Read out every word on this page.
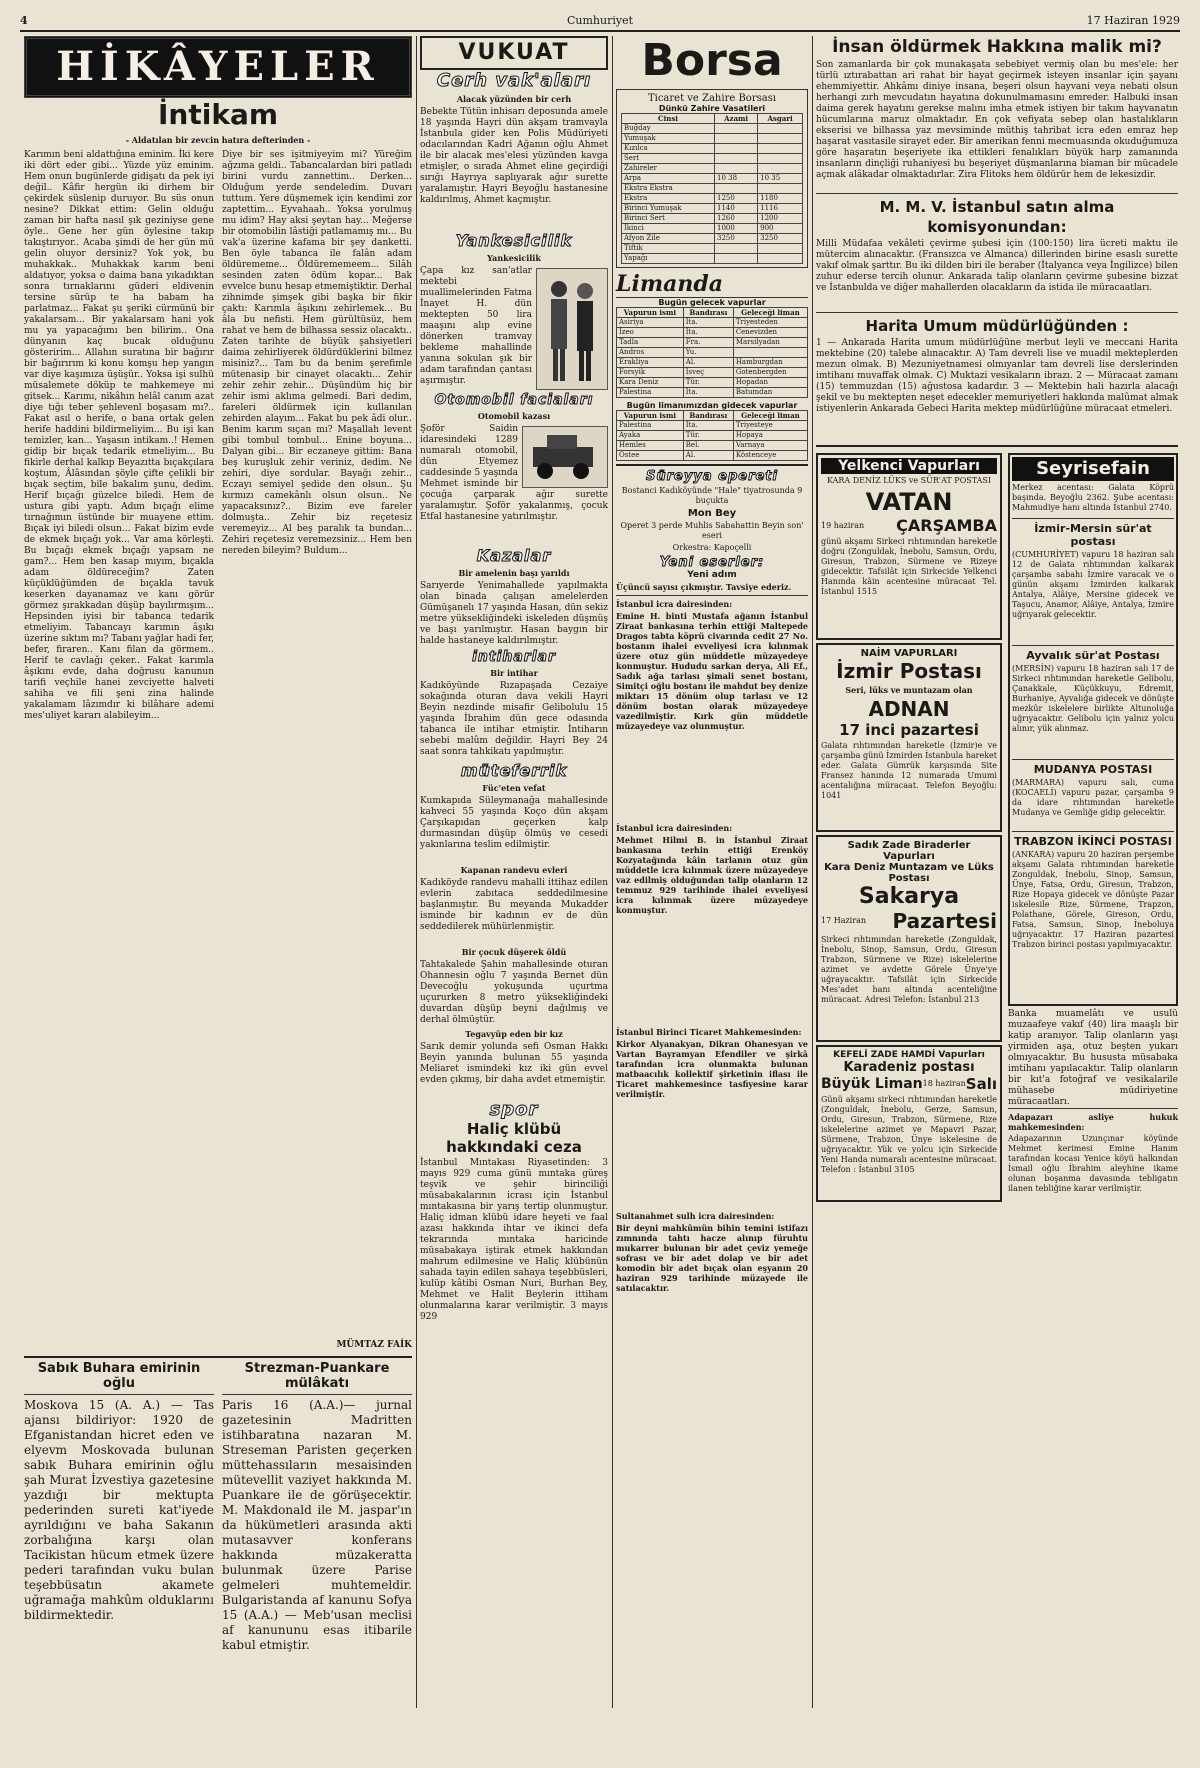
4	Cumhuriyet	17 Haziran 1929
HİKÂYELER
İntikam
- Aldatılan bir zevcin hatıra defterinden -
Karımın beni aldattığına eminim. İki kere iki dört eder gibi... Yüzde yüz eminim. Hem onun bugünlerde gidişatı da pek iyi değil.. Kâfir hergün iki dirhem bir çekirdek süslenip duruyor. Bu süs onun nesine? Dikkat ettim: Gelin olduğu zaman bir hafta nasıl şık geziniyse gene öyle.. Gene her gün öylesine takıp takıştırıyor.. Acaba şimdi de her gün mü gelin oluyor dersiniz? Yok yok, bu muhakkak.. Muhakkak karım beni aldatıyor, yoksa o daima bana yıkadıktan sonra tırnaklarını güderi eldivenin tersine sürüp te ha babam ha parlatmaz... Fakat şu şeriki cürmünü bir yakalarsam... Bir yakalarsam hani yok mu ya yapacağımı ben bilirim.. Ona dünyanın kaç bucak olduğunu gösteririm... Allahın suratına bir bağırır bir bağırırım ki konu komşu hep yangın var diye kaşımıza üşüşür.. Yoksa işi sulhü müsalemete döküp te mahkemeye mi gitsek... Karımı, nikâhın helâl canım azat diye tığı teber şehlevenl boşasam mı?.. Fakat asıl o herife, o bana ortak gelen herife haddini bildirmeliyim... Bu işi kan temizler, kan... Yaşasın intikam..! Hemen gidip bir bıçak tedarik etmeliyim... Bu fikirle derhal kalkıp Beyazıtta bıçakçılara koştum, Âlâsından şöyle çifte çelikli bir bıçak seçtim, bile bakalım şunu, dedim. Herif bıçağı güzelce biledi. Hem de ustura gibi yaptı. Adım bıçağı elime tırnağımın üstünde bir muayene ettim. Bıçak iyi biledi olsun... Fakat bizim evde de ekmek bıçağı yok... Var ama körleşti. Bu bıçağı ekmek bıçağı yapsam ne gam?... Hem ben kasap mıyım, bıçakla adam öldüreceğim? Zaten küçüklüğümden de bıçakla tavuk keserken dayanamaz ve kanı görür görmez şırakkadan düşüp bayılırmışım... Hepsinden iyisi bir tabanca tedarik etmeliyim. Tabancayı karımın âşıkı üzerine sıktım mı? Tabanı yağlar hadi fer, befer, firaren.. Kanı filan da görmem.. Herif te cavlağı çeker.. Fakat karımla âşıkını evde, daha doğrusu kanunun tarifi veçhile hanei zevciyette halveti sahiha ve fili şeni zina halinde yakalamam lâzımdır ki bilâhare ademi mes'uliyet kararı alabileyim...
Diye bir ses işitmiyeyim mi? Yüreğim ağzıma geldi.. Tabancalardan biri patladı birini vurdu zannettim.. Derken... Olduğum yerde sendeledim. Duvarı tuttum. Yere düşmemek için kendimi zor zaptettim... Eyvahaah.. Yoksa yorulmuş mu idim? Hay aksi şeytan hay... Meğerse bir otomobilin lâstiği patlamamış mı... Bu vak'a üzerine kafama bir şey danketti. Ben öyle tabanca ile falân adam öldürememe... Öldürememeem... Silâh sesinden zaten ödüm kopar... Bak evvelce bunu hesap etmemiştiktir. Derhal zihnimde şimşek gibi başka bir fikir çaktı: Karımla âşıkını zehirlemek... Bu âla bu nefisti. Hem gürültüsüz, hem rahat ve hem de bilhassa sessiz olacaktı.. Zaten tarihte de büyük şahsiyetleri daima zehirliyerek öldürdüklerini bilmez misiniz?... Tam bu da benim şerefimle mütenasip bir cinayet olacaktı... Zehir zehir zehir zehir... Düşündüm hiç bir zehir ismi aklıma gelmedi. Bari dedim, fareleri öldürmek için kullanılan zehirden alayım... Fakat bu pek âdi olur.. Benim karım sıçan mı? Maşallah levent gibi tombul tombul... Enine boyuna... Dalyan gibi... Bir eczaneye gittim: Bana beş kuruşluk zehir veriniz, dedim. Ne zehiri, diye sordular. Bayağı zehir... Eczayı semiyel şedide den olsun.. Şu kırmızı camekânlı olsun olsun.. Ne yapacaksınız?.. Bizim eve fareler dolmuşta.. Zehir biz reçetesiz veremeyiz... Al beş paralık ta bundan... Zehiri reçetesiz veremezsiniz... Hem ben nereden bileyim? Buldum...
MÜMTAZ FAİK
Sabık Buhara emirinin oğlu
Moskova 15 (A. A.) — Tas ajansı bildiriyor: 1920 de Efganistandan hicret eden ve elyevm Moskovada bulunan sabık Buhara emirinin oğlu şah Murat İzvestiya gazetesine yazdığı bir mektupta pederinden sureti kat'iyede ayrıldığını ve baha Sakanın zorbalığına karşı olan Tacikistan hücum etmek üzere pederi tarafından vuku bulan teşebbüsatın akamete uğramağa mahkûm olduklarını bildirmektedir.
Strezman-Puankare mülâkatı
Paris 16 (A.A.)— jurnal gazetesinin Madritten istihbaratına nazaran M. Streseman Paristen geçerken müttehassıların mesaisinden mütevellit vaziyet hakkında M. Puankare ile de görüşecektir. M. Makdonald ile M. jaspar'ın da hükümetleri arasında akti mutasavver konferans hakkında müzakeratta bulunmak üzere Parise gelmeleri muhtemeldir. Bulgaristanda af kanunu Sofya 15 (A.A.) — Meb'usan meclisi af kanununu esas itibarile kabul etmiştir.
VUKUAT
Cerh vak'aları
Alacak yüzünden bir cerh
Bebekte Tütün inhisarı deposunda amele 18 yaşında Hayri dün akşam tramvayla İstanbula gider ken Polis Müdüriyeti odacılarından Kadri Ağanın oğlu Ahmet ile bir alacak mes'elesi yüzünden kavga etmişler, o sırada Ahmet eline geçirdiği sırığı Hayrıya saplıyarak ağır surette yaralamıştır. Hayri Beyoğlu hastanesine kaldırılmış, Ahmet kaçmıştır.
Yankesicilik
Yankesicilik
Çapa kız san'atlar mektebi muallimelerinden Fatma İnayet H. dün mektepten 50 lira maaşını alıp evine dönerken tramvay bekleme mahallinde yanına sokulan şık bir adam tarafından çantası aşırmıştır.
Otomobil faciaları
Otomobil kazası
Şoför Saidin idaresindeki 1289 numaralı otomobil, dün Etyemez caddesinde 5 yaşında Mehmet isminde bir çocuğa çarparak ağır surette yaralamıştır. Şoför yakalanmış, çocuk Etfal hastanesine yatırılmıştır.
Kazalar
Bir amelenin başı yarıldı
Sarıyerde Yenimahallede yapılmakta olan binada çalışan amelelerden Gümüşanelı 17 yaşında Hasan, dün sekiz metre yüksekliğindeki iskeleden düşmüş ve başı yarılmıştır. Hasan baygın bir halde hastaneye kaldırılmıştır.
intiharlar
Bir intihar
Kadıköyünde Rızapaşada Cezaiye sokağında oturan dava vekili Hayri Beyin nezdinde misafir Gelibolulu 15 yaşında İbrahim dün gece odasında tabanca ile intihar etmiştir. İntiharın sebebi malûm değildir. Hayri Bey 24 saat sonra tahkikatı yapılmıştır.
müteferrik
Füc'eten vefat
Kumkapıda Süleymanağa mahallesinde kahveci 55 yaşında Koço dün akşam Çarşıkapıdan geçerken kalp durmasından düşüp ölmüş ve cesedi yakınlarına teslim edilmiştir.
Kapanan randevu evleri
Kadıköyde randevu mahalli ittihaz edilen evlerin zabıtaca seddedilmesine başlanmıştır. Bu meyanda Mukadder isminde bir kadının ev de dün seddedilerek mühürlenmiştir.
Bir çocuk düşerek öldü
Tahtakalede Şahin mahallesinde oturan Ohannesin oğlu 7 yaşında Bernet dün Devecoğlu yokuşunda uçurtma uçururken 8 metro yüksekliğindeki duvardan düşüp beyni dağılmış ve derhal ölmüştür.
Tegavyüp eden bir kız
Sarık demir yolunda sefi Osman Hakkı Beyin yanında bulunan 55 yaşında Meliaret ismindeki kız iki gün evvel evden çıkmış, bir daha avdet etmemiştir.
spor
Haliç klübü hakkındaki ceza
İstanbul Mıntakası Riyasetinden: 3 mayıs 929 cuma günü mıntaka güreş teşvik ve şehir birinciliği müsabakalarının icrası için İstanbul mıntakasına bir yarış tertip olunmuştur. Haliç idman klübü idare heyeti ve faal azası hakkında ihtar ve ikinci defa tekrarında mıntaka haricinde müsabakaya iştirak etmek hakkından mahrum edilmesine ve Haliç klübünün sahada tayin edilen sahaya teşebbüsleri, kulüp kâtibi Osman Nuri, Burhan Bey, Mehmet ve Halit Beylerin ittiham olunmalarına karar verilmiştir. 3 mayıs 929
Borsa
Ticaret ve Zahire Borsası
Dünkü Zahire Vasatileri
Cinsi	Azami	Asgari
Buğday		
Yumuşak		
Kızılca		
Sert		
Zahireler		
Arpa	10 38	10 35
Ekstra Ekstra		
Ekstra	1250	1180
Birinci Yumuşak	1140	1116
Birinci Sert	1260	1200
İkinci	1000	900
Afyon Zile	3250	3250
Tiftik		
Yapağı		
Limanda
Bugün gelecek vapurlar
Vapurun ismi	Bandırası	Geleceği liman
Asiriya	İta.	Triyesteden
İzeo	İta.	Cenevizden
Tadla	Fra.	Marsilyadan
Andros	Yu.	
Erakliya	Al.	Hamburgdan
Forsyik	İsveç	Gotenbergden
Kara Deniz	Tür.	Hopadan
Palestina	İta.	Batumdan
Bugün limanımızdan gidecek vapurlar
Vapurun ismi	Bandırası	Geleceği liman
Palestina	İta.	Triyesteye
Ayaka	Tür.	Hopaya
Hemles	Bel.	Varnaya
Ostee	Al.	Köstenceye
Süreyya epereti
Bostanci Kadıköyünde "Hale" tiyatrosunda 9 buçukta
Mon Bey
Operet 3 perde Muhlis Sabahattin Beyin son' eseri
Orkestra: Kapoçelli
Yeni eserler:
Yeni adım
Üçüncü sayısı çıkmıştır. Tavsiye ederiz.
İstanbul icra dairesinden:
Emine H. binti Mustafa ağanın İstanbul Ziraat bankasına terhin ettiği Maltepede Dragos tabta köprü civarında cedit 27 No. bostanın ihalei evveliyesi icra kılınmak üzere otuz gün müddetle müzayedeye konmuştur. Hududu sarkan derya, Ali Ef., Sadık ağa tarlası şimali senet bostanı, Simitçi oğlu bostanı ile mahdut bey denize miktarı 15 dönüm olup tarlası ve 12 dönüm bostan olarak müzayedeye vazedilmiştir. Kırk gün müddetle müzayedeye vaz olunmuştur.
İstanbul icra dairesinden:
Mehmet Hilmi B. in İstanbul Ziraat bankasına terhin ettiği Erenköy Kozyatağında kâin tarlanın otuz gün müddetle icra kılınmak üzere müzayedeye vaz edilmiş olduğundan talip olanların 12 temmuz 929 tarihinde ihalei evveliyesi icra kılınmak üzere müzayedeye konmuştur.
İstanbul Birinci Ticaret Mahkemesinden:
Kirkor Alyanakyan, Dikran Ohanesyan ve Vartan Bayramyan Efendiler ve şirkâ tarafından icra olunmakta bulunan matbaacılık kollektif şirketinin iflası ile Ticaret mahkemesince tasfiyesine karar verilmiştir.
Sultanahmet sulh icra dairesinden:
Bir deyni mahkûmün bihin temini istifazı zımnında tahtı hacze alınıp füruhtu mukarrer bulunan bir adet çeviz yemeğe sofrası ve bir adet dolap ve bir adet komodin bir adet bıçak olan eşyanın 20 haziran 929 tarihinde müzayede ile satılacaktır.
İnsan öldürmek Hakkına malik mi?
Son zamanlarda bir çok munakaşata sebebiyet vermiş olan bu mes'ele: her türlü ıztırabattan ari rahat bir hayat geçirmek isteyen insanlar için şayanı ehemmiyettir. Ahkâmı diniye insana, beşeri olsun hayvani veya nebati olsun herhangi zırh mevcudatın hayatına dokunulmamasını emreder. Halbuki insan daima gerek hayatını gerekse malını imha etmek istiyen bir takım hayvanatın hücumlarına maruz olmaktadır. En çok vefiyata sebep olan hastalıkların ekserisi ve bilhassa yaz mevsiminde müthiş tahribat icra eden emraz hep haşarat vasıtasile sirayet eder. Bir amerikan fenni mecmuasında okuduğumuza göre haşaratın beşeriyete ika ettikleri fenalıkları büyük harp zamanında insanların dinçliği ruhaniyesi bu beşeriyet düşmanlarına biaman bir mücadele açmak alâkadar olmaktadırlar. Zira Flitoks hem öldürür hem de lekesizdir.
M. M. V. İstanbul satın alma komisyonundan:
Milli Müdafaa vekâleti çevirme şubesi için (100:150) lira ücreti maktu ile mütercim alınacaktır. (Fransızca ve Almanca) dillerinden birine esaslı surette vakıf olmak şarttır. Bu iki dilden biri ile beraber (İtalyanca veya İngilizce) bilen zuhur ederse tercih olunur. Ankarada talip olanların çevirme şubesine bizzat ve İstanbulda ve diğer mahallerden olacakların da istida ile müracaatları.
Harita Umum müdürlüğünden :
1 — Ankarada Harita umum müdürlüğüne merbut leyli ve meccani Harita mektebine (20) talebe alınacaktır. A) Tam devreli lise ve muadil mekteplerden mezun olmak. B) Mezuniyetnamesi olmıyanlar tam devreli lise derslerinden imtihanı muvaffak olmak. C) Muktazi vesikaların ibrazı. 2 — Müracaat zamanı (15) temmuzdan (15) ağustosa kadardır. 3 — Mektebin hali hazırla alacağı şekil ve bu mektepten neşet edecekler memuriyetleri hakkında malûmat almak istiyenlerin Ankarada Gebeci Harita mektep müdürlüğüne müracaat etmeleri.
Yelkenci Vapurları
KARA DENİZ LÜKS ve SÜR'AT POSTASI
VATAN
19 haziran ÇARŞAMBA
günü akşamı Sirkeci rıhtımından hareketle doğru (Zonguldak, İnebolu, Samsun, Ordu, Giresun, Trabzon, Sürmene ve Rizeye gidecektir. Tafsilât için Sirkecide Yelkenci Hanında kâin acentesine müracaat Tel. İstanbul 1515
NAİM VAPURLARI
İzmir Postası
Seri, lüks ve muntazam olan
ADNAN
17 inci pazartesi
Galata rıhtımından hareketle (İzmir)e ve çarşamba günü İzmirden İstanbula hareket eder. Galata Gümrük karşısında Site Fransez hanında 12 numarada Umumi acentalığına müracaat. Telefon Beyoğlu: 1041
Sadık Zade Biraderler Vapurları
Kara Deniz Muntazam ve Lüks Postası
Sakarya
17 Haziran Pazartesi
Sirkeci rıhtımından hareketle (Zonguldak, İnebolu, Sinop, Samsun, Ordu, Giresun Trabzon, Sürmene ve Rize) iskelelerine azimet ve avdette Görele Ünye'ye uğrayacaktır. Tafsilât için Sirkecide Mes'adet hanı altında acenteliğine müracaat. Adresi Telefon: İstanbul 213
KEFELİ ZADE HAMDİ Vapurları
Karadeniz postası
Büyük Liman 18 haziran Salı
Günü akşamı sirkeci rıhtımından hareketle (Zonguldak, İnebolu, Gerze, Samsun, Ordu, Giresun, Trabzon, Sürmene, Rize iskelelerine azimet ve Mapavri Pazar, Sürmene, Trabzon, Ünye iskelesine de uğrıyacaktır. Yük ve yolcu için Sirkecide Yeni Handa numaralı acentesine müracaat. Telefon : İstanbul 3105
Seyrisefain
Merkez acentası: Galata Köprü başında. Beyoğlu 2362. Şube acentası: Mahmudiye hanı altında İstanbul 2740.
İzmir-Mersin sür'at postası
(CUMHURİYET) vapuru 18 haziran salı 12 de Galata rıhtımından kalkarak çarşamba sabahı İzmire varacak ve o günün akşamı İzmirden kalkarak Antalya, Alâiye, Mersine gidecek ve Taşucu, Anamor, Alâiye, Antalya, İzmire uğrıyarak gelecektir.
Ayvalık sür'at Postası
(MERSİN) vapuru 18 haziran salı 17 de Sirkeci rıhtımından hareketle Gelibolu, Çanakkale, Küçükkuyu, Edremit, Burhaniye, Ayvalığa gidecek ve dönüşte mezkûr iskelelere birlikte Altunoluğa uğrıyacaktır. Gelibolu için yalnız yolcu alınır, yük alınmaz.
MUDANYA POSTASI
(MARMARA) vapuru salı, cuma (KOCAELİ) vapuru pazar, çarşamba 9 da idare rıhtımından hareketle Mudanya ve Gemliğe gidip gelecektir.
TRABZON İKİNCİ POSTASI
(ANKARA) vapuru 20 haziran perşembe akşamı Galata rıhtımından hareketle Zonguldak, İnebolu, Sinop, Samsun, Ünye, Fatsa, Ordu, Giresun, Trabzon, Rize Hopaya gidecek ve dönüşte Pazar iskelesile Rize, Sürmene, Trapzon, Polathane, Görele, Gireson, Ordu, Fatsa, Samsun, Sinop, İneboluya uğrıyacaktır. 17 Haziran pazartesi Trabzon birinci postası yapılmıyacaktır.
Banka muamelâtı ve usulü muzaafeye vakıf (40) lira maaşlı bir katip aranıyor. Talip olanların yaşı yirmiden aşa, otuz beşten yukarı olmıyacaktır. Bu hususta müsabaka imtihanı yapılacaktır. Talip olanların bir kıt'a fotoğraf ve vesikalarile mühasebe müdiriyetine müracaatları.
Adapazarı asliye hukuk mahkemesinden:
Adapazarının Uzunçınar köyünde Mehmet kerimesi Emine Hanım tarafından kocası Yenice köyü halkından İsmail oğlu İbrahim aleyhine ikame olunan boşanma davasında tebligatın ilanen tebliğine karar verilmiştir.
